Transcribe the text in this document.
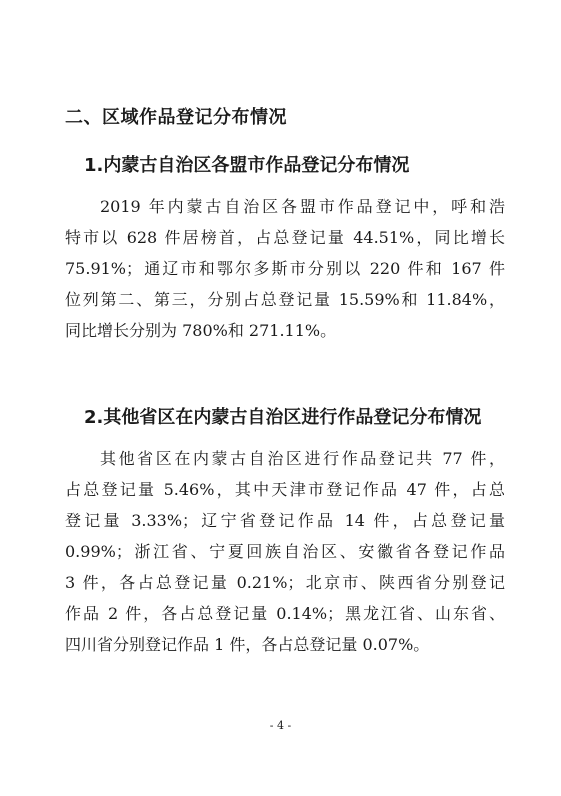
二、区域作品登记分布情况
1.内蒙古自治区各盟市作品登记分布情况
2019 年内蒙古自治区各盟市作品登记中，呼和浩
特市以 628 件居榜首，占总登记量 44.51%，同比增长
75.91%；通辽市和鄂尔多斯市分别以 220 件和 167 件
位列第二、第三，分别占总登记量 15.59%和 11.84%，
同比增长分别为 780%和 271.11%。
2.其他省区在内蒙古自治区进行作品登记分布情况
其他省区在内蒙古自治区进行作品登记共 77 件，
占总登记量 5.46%，其中天津市登记作品 47 件，占总
登记量 3.33%；辽宁省登记作品 14 件，占总登记量
0.99%；浙江省、宁夏回族自治区、安徽省各登记作品
3 件，各占总登记量 0.21%；北京市、陕西省分别登记
作品 2 件，各占总登记量 0.14%；黑龙江省、山东省、
四川省分别登记作品 1 件，各占总登记量 0.07%。
- 4 -
